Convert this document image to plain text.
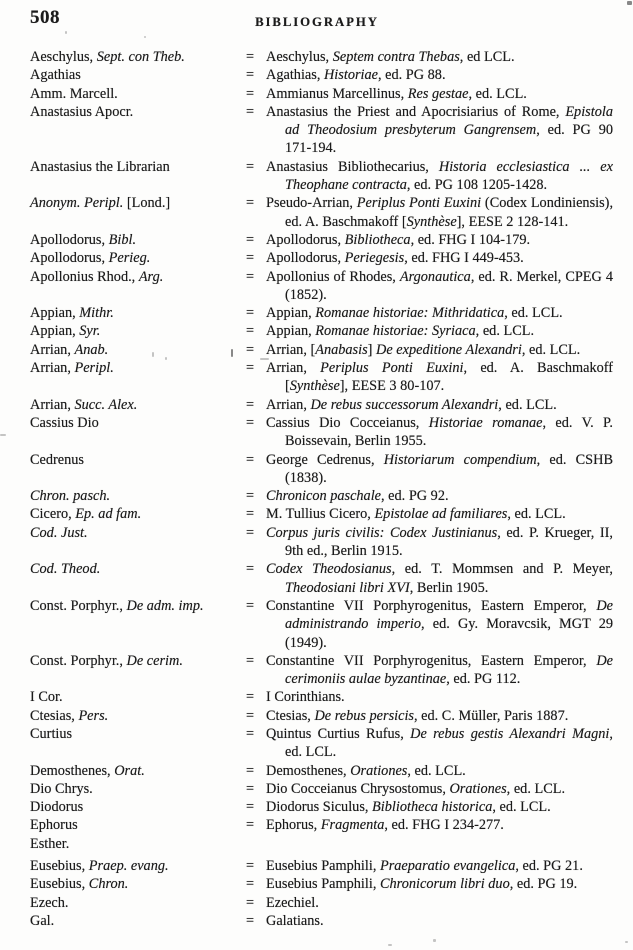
508	BIBLIOGRAPHY
Aeschylus, Sept. con Theb.	= Aeschylus, Septem contra Thebas, ed LCL.
Agathias	= Agathias, Historiae, ed. PG 88.
Amm. Marcell.	= Ammianus Marcellinus, Res gestae, ed. LCL.
Anastasius Apocr.	= Anastasius the Priest and Apocrisiarius of Rome, Epistola ad Theodosium presbyterum Gangrensem, ed. PG 90 171-194.
Anastasius the Librarian	= Anastasius Bibliothecarius, Historia ecclesiastica ... ex Theophane contracta, ed. PG 108 1205-1428.
Anonym. Peripl. [Lond.]	= Pseudo-Arrian, Periplus Ponti Euxini (Codex Londiniensis), ed. A. Baschmakoff [Synthèse], EESE 2 128-141.
Apollodorus, Bibl.	= Apollodorus, Bibliotheca, ed. FHG I 104-179.
Apollodorus, Perieg.	= Apollodorus, Periegesis, ed. FHG I 449-453.
Apollonius Rhod., Arg.	= Apollonius of Rhodes, Argonautica, ed. R. Merkel, CPEG 4 (1852).
Appian, Mithr.	= Appian, Romanae historiae: Mithridatica, ed. LCL.
Appian, Syr.	= Appian, Romanae historiae: Syriaca, ed. LCL.
Arrian, Anab.	= Arrian, [Anabasis] De expeditione Alexandri, ed. LCL.
Arrian, Peripl.	= Arrian, Periplus Ponti Euxini, ed. A. Baschmakoff [Synthèse], EESE 3 80-107.
Arrian, Succ. Alex.	= Arrian, De rebus successorum Alexandri, ed. LCL.
Cassius Dio	= Cassius Dio Cocceianus, Historiae romanae, ed. V. P. Boissevain, Berlin 1955.
Cedrenus	= George Cedrenus, Historiarum compendium, ed. CSHB (1838).
Chron. pasch.	= Chronicon paschale, ed. PG 92.
Cicero, Ep. ad fam.	= M. Tullius Cicero, Epistolae ad familiares, ed. LCL.
Cod. Just.	= Corpus juris civilis: Codex Justinianus, ed. P. Krueger, II, 9th ed., Berlin 1915.
Cod. Theod.	= Codex Theodosianus, ed. T. Mommsen and P. Meyer, Theodosiani libri XVI, Berlin 1905.
Const. Porphyr., De adm. imp.	= Constantine VII Porphyrogenitus, Eastern Emperor, De administrando imperio, ed. Gy. Moravcsik, MGT 29 (1949).
Const. Porphyr., De cerim.	= Constantine VII Porphyrogenitus, Eastern Emperor, De cerimoniis aulae byzantinae, ed. PG 112.
I Cor.	= I Corinthians.
Ctesias, Pers.	= Ctesias, De rebus persicis, ed. C. Müller, Paris 1887.
Curtius	= Quintus Curtius Rufus, De rebus gestis Alexandri Magni, ed. LCL.
Demosthenes, Orat.	= Demosthenes, Orationes, ed. LCL.
Dio Chrys.	= Dio Cocceianus Chrysostomus, Orationes, ed. LCL.
Diodorus	= Diodorus Siculus, Bibliotheca historica, ed. LCL.
Ephorus	= Ephorus, Fragmenta, ed. FHG I 234-277.
Esther.
Eusebius, Praep. evang.	= Eusebius Pamphili, Praeparatio evangelica, ed. PG 21.
Eusebius, Chron.	= Eusebius Pamphili, Chronicorum libri duo, ed. PG 19.
Ezech.	= Ezechiel.
Gal.	= Galatians.
